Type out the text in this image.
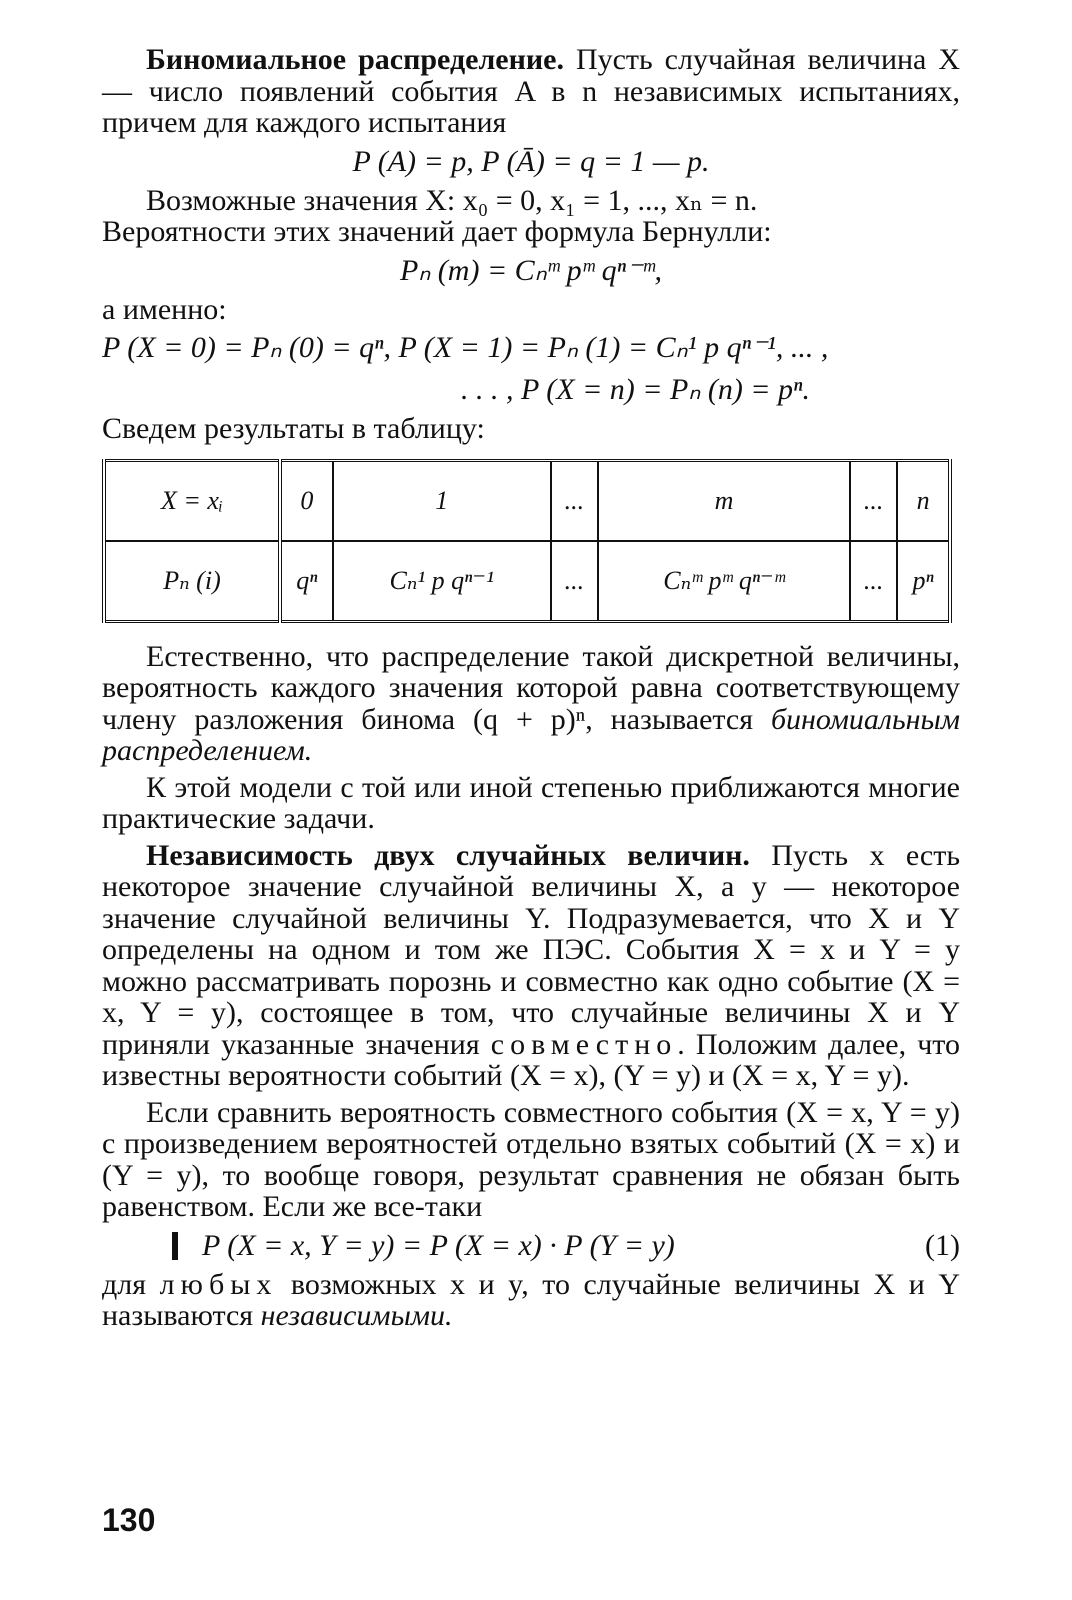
Биномиальное распределение. Пусть случайная величина X — число появлений события A в n независимых испытаниях, причем для каждого испытания

P (A) = p, P (Ā) = q = 1 — p.

Возможные значения X: x₀ = 0, x₁ = 1, ..., xₙ = n.

Вероятности этих значений дает формула Бернулли:

Pₙ (m) = Cₙᵐ pᵐ qⁿ⁻ᵐ,

а именно:

P (X = 0) = Pₙ (0) = qⁿ, P (X = 1) = Pₙ (1) = Cₙ¹ p qⁿ⁻¹, ... ,
. . . , P (X = n) = Pₙ (n) = pⁿ.

Сведем результаты в таблицу:

X = xᵢ	0	1	...	m	...	n
Pₙ (i)	qⁿ	Cₙ¹ p qⁿ⁻¹	...	Cₙᵐ pᵐ qⁿ⁻ᵐ	...	pⁿ

Естественно, что распределение такой дискретной величины, вероятность каждого значения которой равна соответствующему члену разложения бинома (q + p)ⁿ, называется биномиальным распределением.

К этой модели с той или иной степенью приближаются многие практические задачи.

Независимость двух случайных величин. Пусть x есть некоторое значение случайной величины X, а y — некоторое значение случайной величины Y. Подразумевается, что X и Y определены на одном и том же ПЭС. События X = x и Y = y можно рассматривать порознь и совместно как одно событие (X = x, Y = y), состоящее в том, что случайные величины X и Y приняли указанные значения совместно. Положим далее, что известны вероятности событий (X = x), (Y = y) и (X = x, Y = y).

Если сравнить вероятность совместного события (X = x, Y = y) с произведением вероятностей отдельно взятых событий (X = x) и (Y = y), то вообще говоря, результат сравнения не обязан быть равенством. Если же все-таки

P (X = x, Y = y) = P (X = x) · P (Y = y)	(1)

для любых возможных x и y, то случайные величины X и Y называются независимыми.

130
